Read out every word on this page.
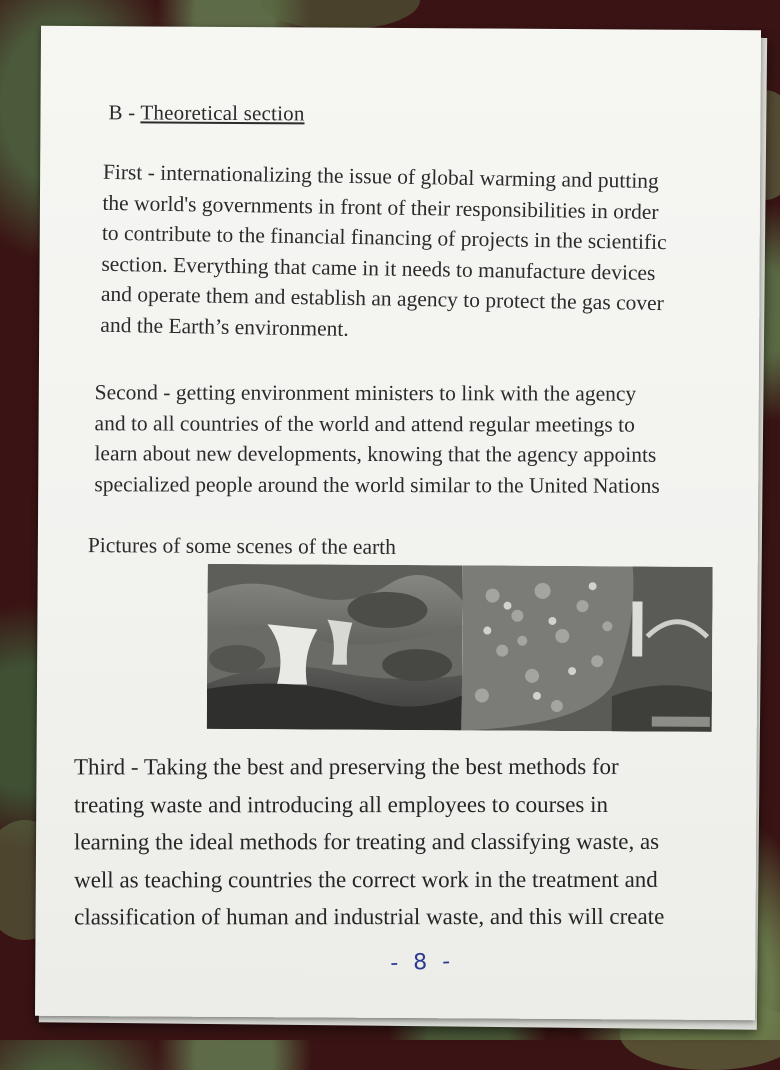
B - Theoretical section
First - internationalizing the issue of global warming and putting
the world's governments in front of their responsibilities in order
to contribute to the financial financing of projects in the scientific
section. Everything that came in it needs to manufacture devices
and operate them and establish an agency to protect the gas cover
and the Earth’s environment.
Second - getting environment ministers to link with the agency
and to all countries of the world and attend regular meetings to
learn about new developments, knowing that the agency appoints
specialized people around the world similar to the United Nations
Pictures of some scenes of the earth
Third - Taking the best and preserving the best methods for
treating waste and introducing all employees to courses in
learning the ideal methods for treating and classifying waste, as
well as teaching countries the correct work in the treatment and
classification of human and industrial waste, and this will create
- 8 -
